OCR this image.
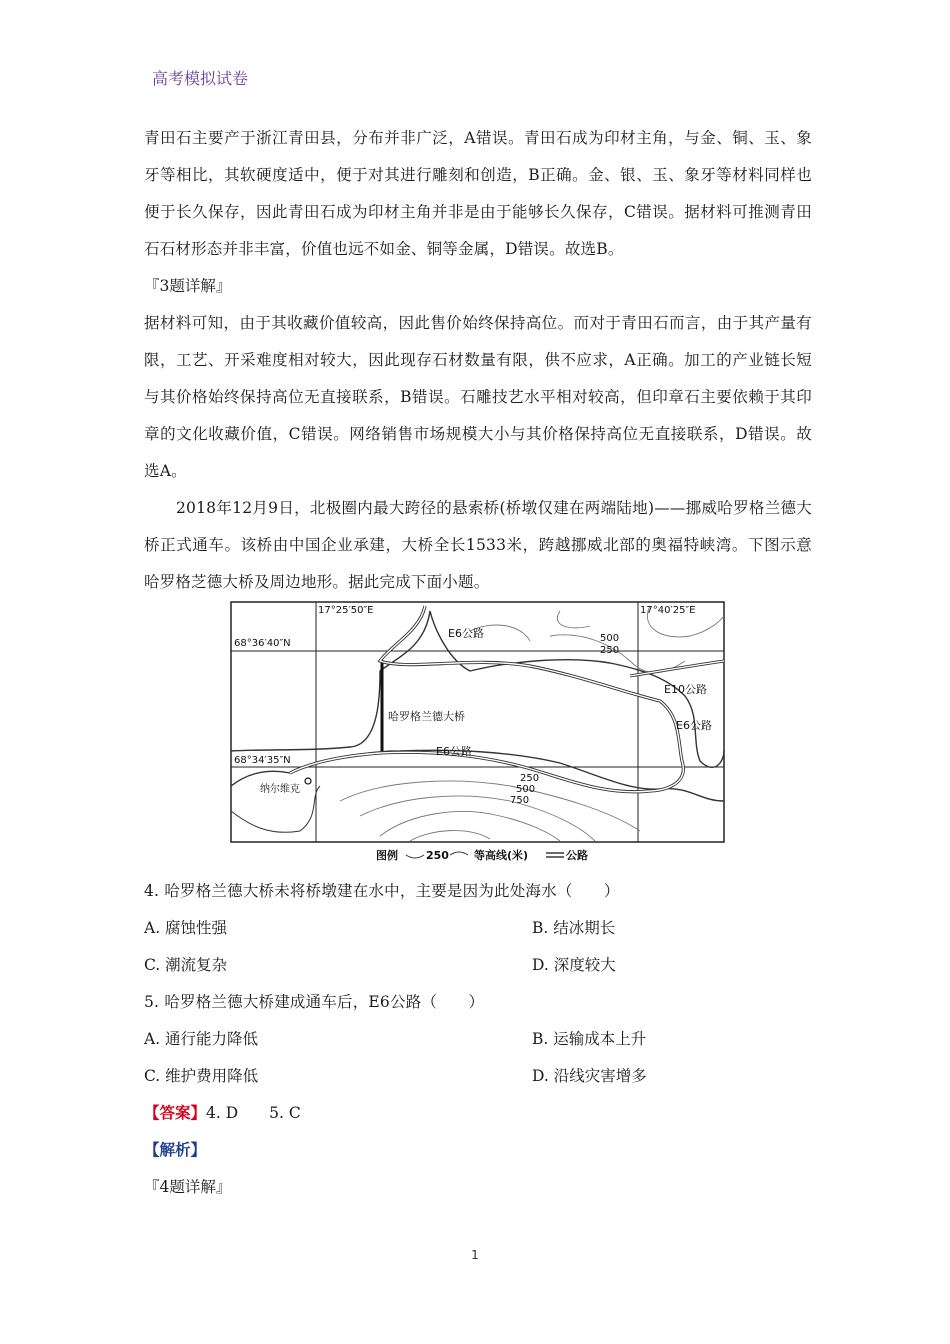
高考模拟试卷

青田石主要产于浙江青田县，分布并非广泛，A错误。青田石成为印材主角，与金、铜、玉、象牙等相比，其软硬度适中，便于对其进行雕刻和创造，B正确。金、银、玉、象牙等材料同样也便于长久保存，因此青田石成为印材主角并非是由于能够长久保存，C错误。据材料可推测青田石石材形态并非丰富，价值也远不如金、铜等金属，D错误。故选B。

『3题详解』

据材料可知，由于其收藏价值较高，因此售价始终保持高位。而对于青田石而言，由于其产量有限，工艺、开采难度相对较大，因此现存石材数量有限，供不应求，A正确。加工的产业链长短与其价格始终保持高位无直接联系，B错误。石雕技艺水平相对较高，但印章石主要依赖于其印章的文化收藏价值，C错误。网络销售市场规模大小与其价格保持高位无直接联系，D错误。故选A。

2018年12月9日，北极圈内最大跨径的悬索桥(桥墩仅建在两端陆地)——挪威哈罗格兰德大桥正式通车。该桥由中国企业承建，大桥全长1533米，跨越挪威北部的奥福特峡湾。下图示意哈罗格芝德大桥及周边地形。据此完成下面小题。

17°25′50″E	17°40′25″E
68°36′40″N
68°34′35″N
E6公路
E6公路
E6公路
E10公路
哈罗格兰德大桥
纳尔维克
500
250
250
500
750
图例	250 等高线(米)	公路

4. 哈罗格兰德大桥未将桥墩建在水中，主要是因为此处海水（　　）

A. 腐蚀性强	B. 结冰期长
C. 潮流复杂	D. 深度较大

5. 哈罗格兰德大桥建成通车后，E6公路（　　）

A. 通行能力降低	B. 运输成本上升
C. 维护费用降低	D. 沿线灾害增多

【答案】4. D　　5. C

【解析】

『4题详解』

1
